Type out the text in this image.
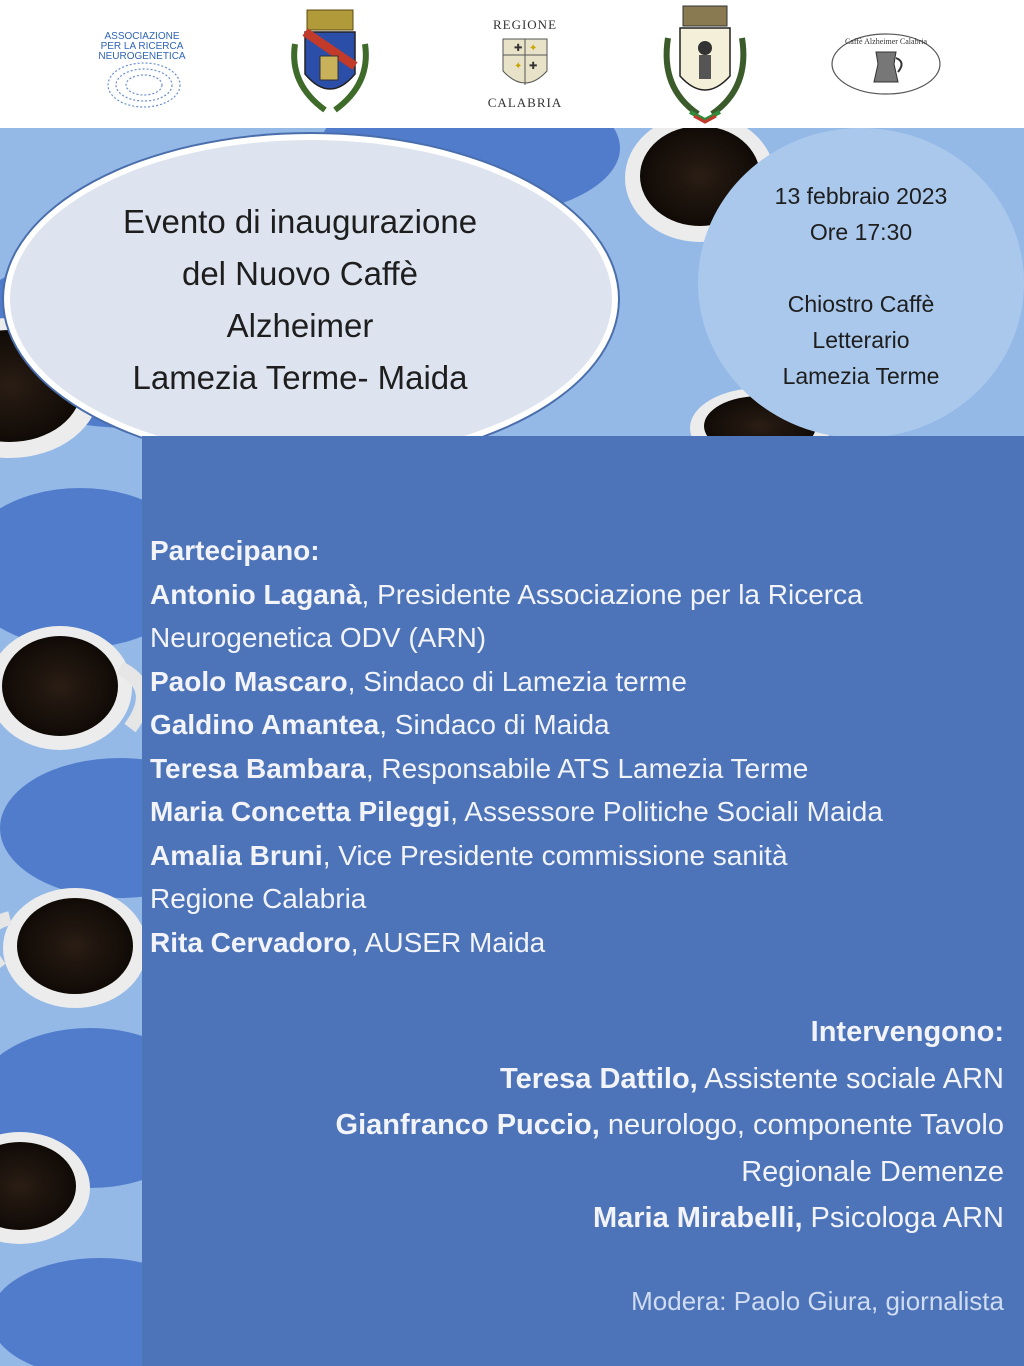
ASSOCIAZIONE
PER LA RICERCA
NEUROGENETICA
REGIONE
✚ ✦
✦ ✚
CALABRIA
Caffè Alzheimer Calabria
Evento di inaugurazione
del Nuovo Caffè
Alzheimer
Lamezia Terme- Maida
13 febbraio 2023
Ore 17:30
Chiostro Caffè
Letterario
Lamezia Terme
Partecipano:
Antonio Laganà, Presidente Associazione per la Ricerca
Neurogenetica ODV (ARN)
Paolo Mascaro, Sindaco di Lamezia terme
Galdino Amantea, Sindaco di Maida
Teresa Bambara, Responsabile ATS Lamezia Terme
Maria Concetta Pileggi, Assessore Politiche Sociali Maida
Amalia Bruni, Vice Presidente commissione sanità
Regione Calabria
Rita Cervadoro, AUSER Maida
Intervengono:
Teresa Dattilo, Assistente sociale ARN
Gianfranco Puccio, neurologo, componente Tavolo
Regionale Demenze
Maria Mirabelli, Psicologa ARN
Modera: Paolo Giura, giornalista
